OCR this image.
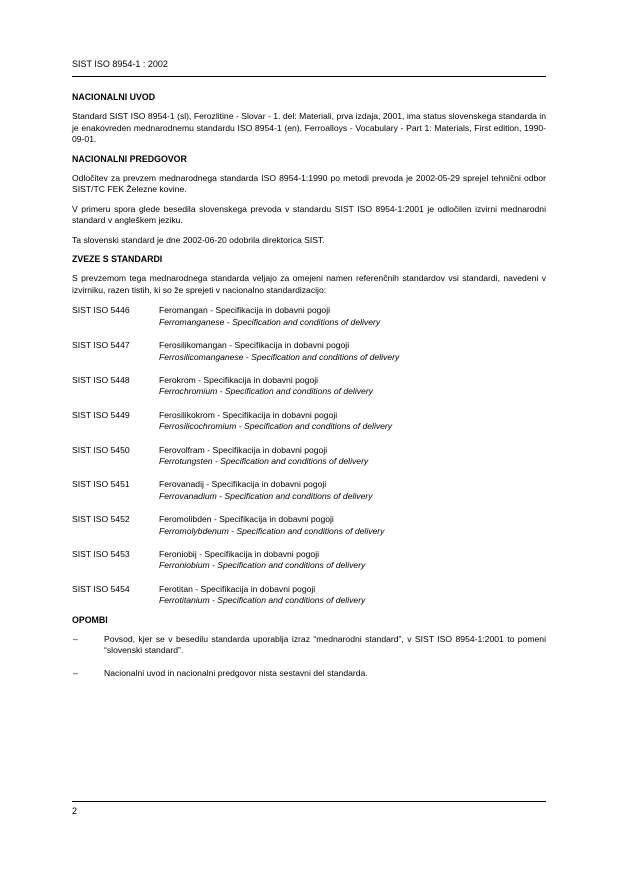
SIST ISO 8954-1 : 2002
NACIONALNI UVOD

Standard SIST ISO 8954-1 (sl), Ferozlitine - Slovar - 1. del: Materiali, prva izdaja, 2001, ima status slovenskega standarda in je enakovreden mednarodnemu standardu ISO 8954-1 (en), Ferroalloys - Vocabulary - Part 1: Materials, First edition, 1990-09-01.

NACIONALNI PREDGOVOR

Odločitev za prevzem mednarodnega standarda ISO 8954-1:1990 po metodi prevoda je 2002-05-29 sprejel tehnični odbor SIST/TC FEK Železne kovine.

V primeru spora glede besedila slovenskega prevoda v standardu SIST ISO 8954-1:2001 je odločilen izvirni mednarodni standard v angleškem jeziku.

Ta slovenski standard je dne 2002-06-20 odobrila direktorica SIST.

ZVEZE S STANDARDI

S prevzemom tega mednarodnega standarda veljajo za omejeni namen referenčnih standardov vsi standardi, navedeni v izvirniku, razen tistih, ki so že sprejeti v nacionalno standardizacijo:

SIST ISO 5446	Feromangan - Specifikacija in dobavni pogoji
Ferromanganese - Specification and conditions of delivery
SIST ISO 5447	Ferosilikomangan - Specifikacija in dobavni pogoji
Ferrosilicomanganese - Specification and conditions of delivery
SIST ISO 5448	Ferokrom - Specifikacija in dobavni pogoji
Ferrochromium - Specification and conditions of delivery
SIST ISO 5449	Ferosilikokrom - Specifikacija in dobavni pogoji
Ferrosilicochromium - Specification and conditions of delivery
SIST ISO 5450	Ferovolfram - Specifikacija in dobavni pogoji
Ferrotungsten - Specification and conditions of delivery
SIST ISO 5451	Ferovanadij - Specifikacija in dobavni pogoji
Ferrovanadium - Specification and conditions of delivery
SIST ISO 5452	Feromolibden - Specifikacija in dobavni pogoji
Ferromolybdenum - Specification and conditions of delivery
SIST ISO 5453	Feroniobij - Specifikacija in dobavni pogoji
Ferroniobium - Specification and conditions of delivery
SIST ISO 5454	Ferotitan - Specifikacija in dobavni pogoji
Ferrotitanium - Specification and conditions of delivery
OPOMBI
–	Povsod, kjer se v besedilu standarda uporablja izraz “mednarodni standard”, v SIST ISO 8954-1:2001 to pomeni “slovenski standard”.
–	Nacionalni uvod in nacionalni predgovor nista sestavni del standarda.
2
